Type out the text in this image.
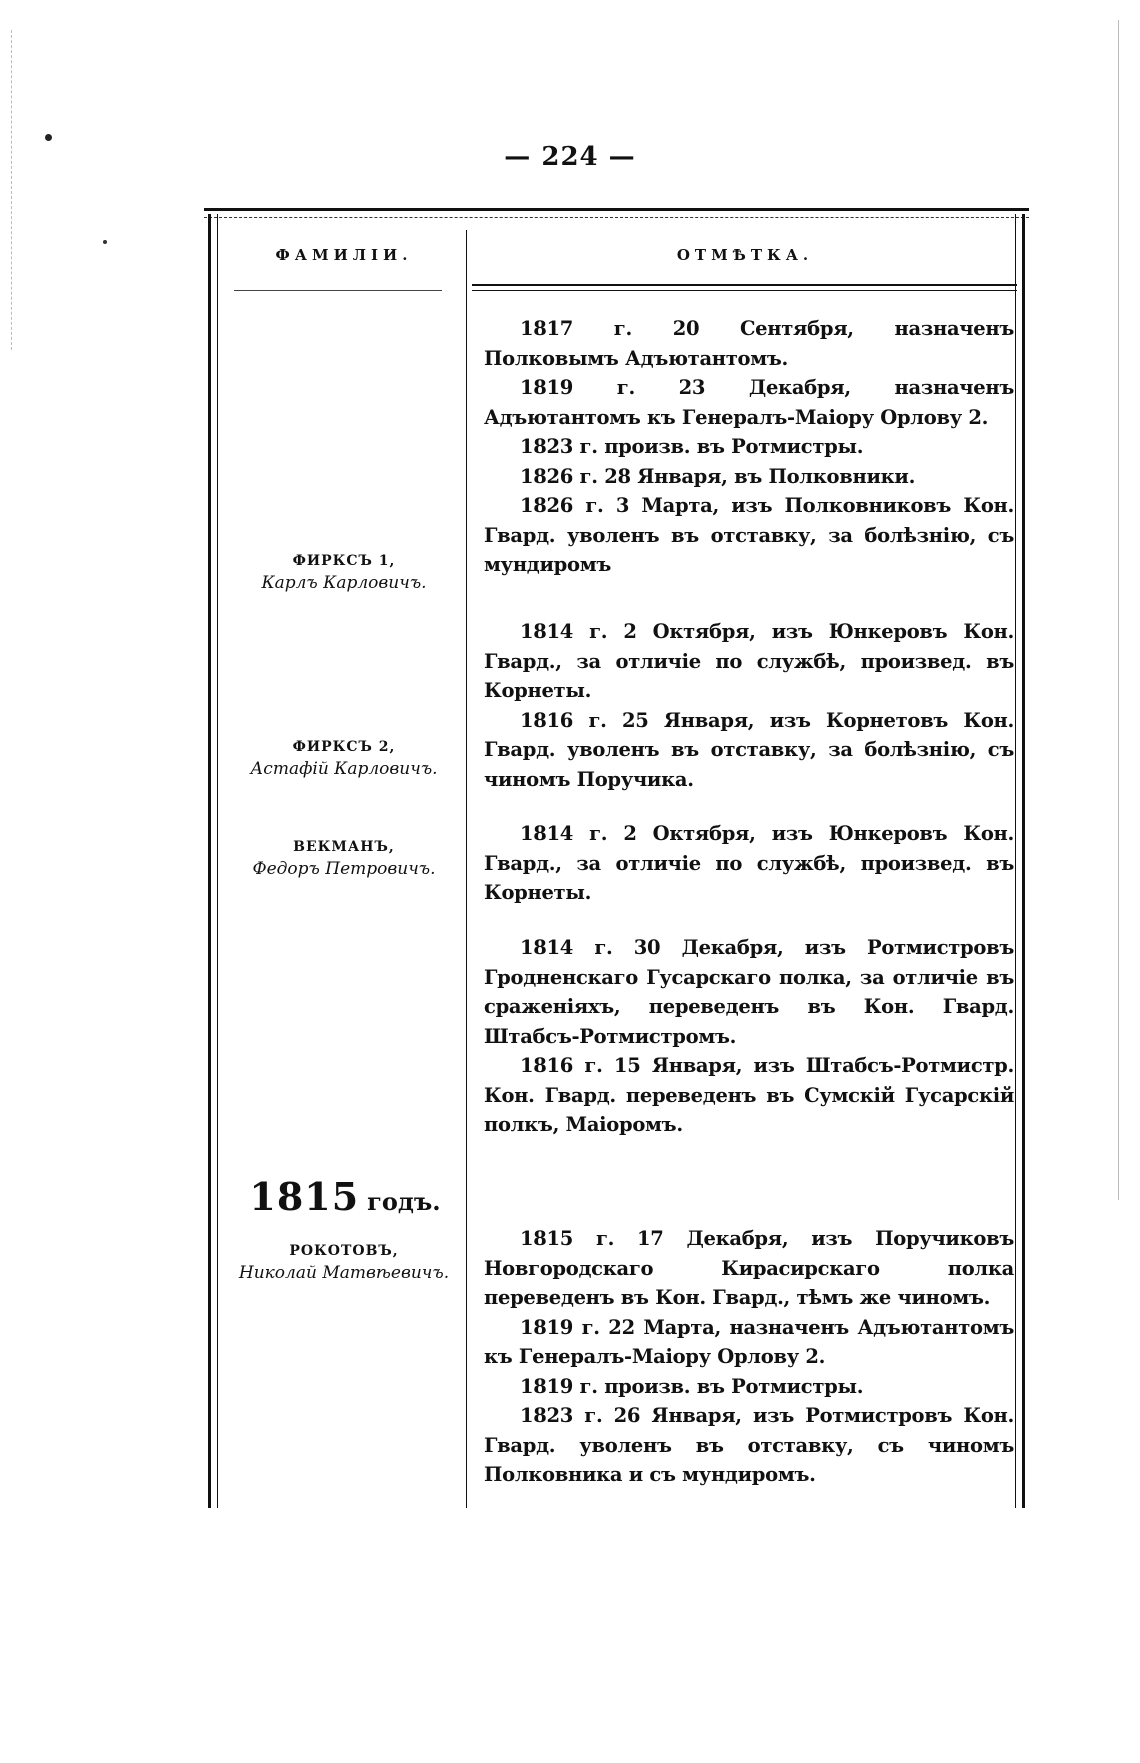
— 224 —
ФАМИЛІИ.	ОТМѢТКА.
ФИРКСЪ 1,
Карлъ Карловичъ.
ФИРКСЪ 2,
Астафій Карловичъ.
ВЕКМАНЪ,
Федоръ Петровичъ.
РОКОТОВЪ,
Николай Матвѣевичъ.
1815 годъ.

1817 г. 20 Сентября, назначенъ Полковымъ Адъютантомъ.

1819 г. 23 Декабря, назначенъ Адъютантомъ къ Генералъ-Маіору Орлову 2.

1823 г. произв. въ Ротмистры.

1826 г. 28 Января, въ Полковники.

1826 г. 3 Марта, изъ Полковниковъ Кон. Гвард. уволенъ въ отставку, за болѣзнію, съ мундиромъ

1814 г. 2 Октября, изъ Юнкеровъ Кон. Гвард., за отличіе по службѣ, произвед. въ Корнеты.

1816 г. 25 Января, изъ Корнетовъ Кон. Гвард. уволенъ въ отставку, за болѣзнію, съ чиномъ Поручика.

1814 г. 2 Октября, изъ Юнкеровъ Кон. Гвард., за отличіе по службѣ, произвед. въ Корнеты.

1814 г. 30 Декабря, изъ Ротмистровъ Гродненскаго Гусарскаго полка, за отличіе въ сраженіяхъ, переведенъ въ Кон. Гвард. Штабсъ-Ротмистромъ.

1816 г. 15 Января, изъ Штабсъ-Ротмистр. Кон. Гвард. переведенъ въ Сумскій Гусарскій полкъ, Маіоромъ.

1815 г. 17 Декабря, изъ Поручиковъ Новгородскаго Кирасирскаго полка переведенъ въ Кон. Гвард., тѣмъ же чиномъ.

1819 г. 22 Марта, назначенъ Адъютантомъ къ Генералъ-Маіору Орлову 2.

1819 г. произв. въ Ротмистры.

1823 г. 26 Января, изъ Ротмистровъ Кон. Гвард. уволенъ въ отставку, съ чиномъ Полковника и съ мундиромъ.
